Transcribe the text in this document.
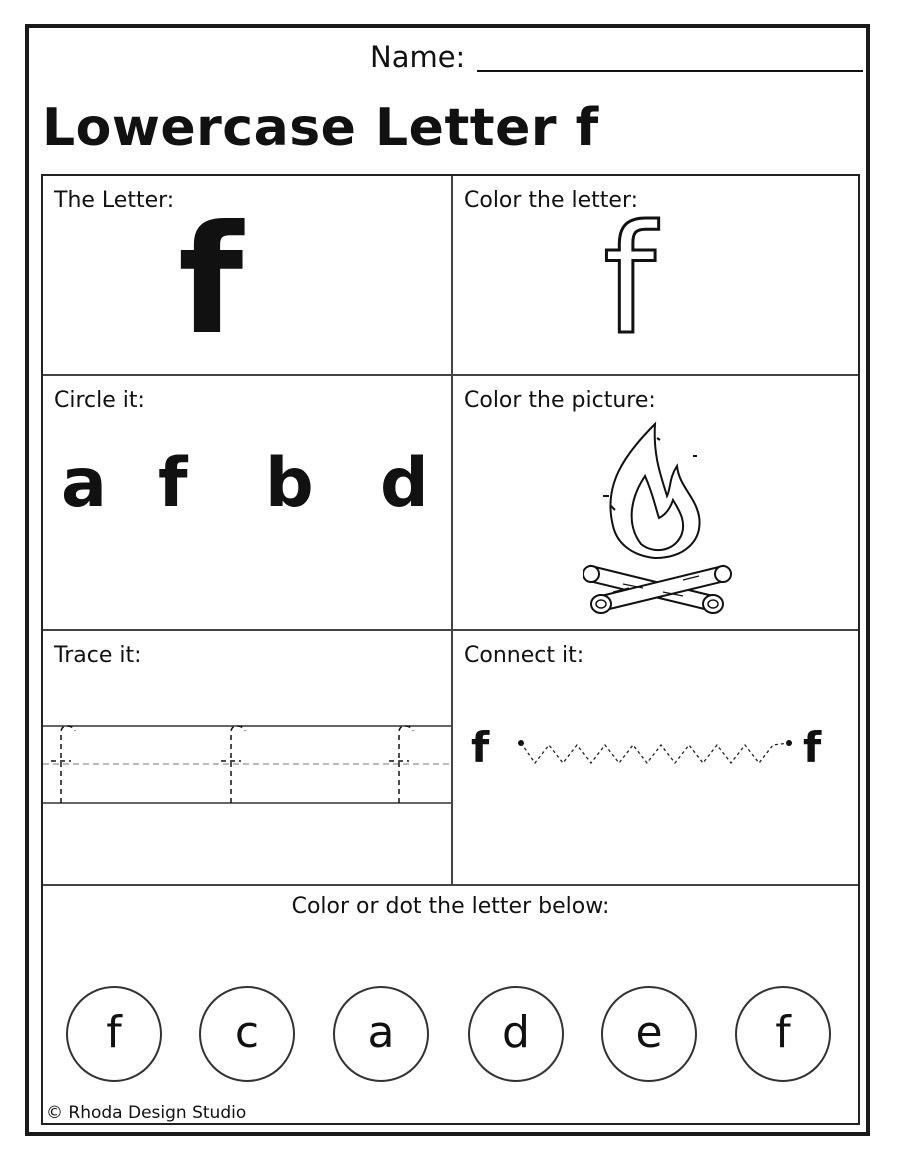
Name:
Lowercase Letter f
The Letter: f	Color the letter:
f
Circle it:
a f b d
Color the picture:
Trace it:	Connect it:
f	f
Color or dot the letter below:
f	c	a	d	e	f
© Rhoda Design Studio
